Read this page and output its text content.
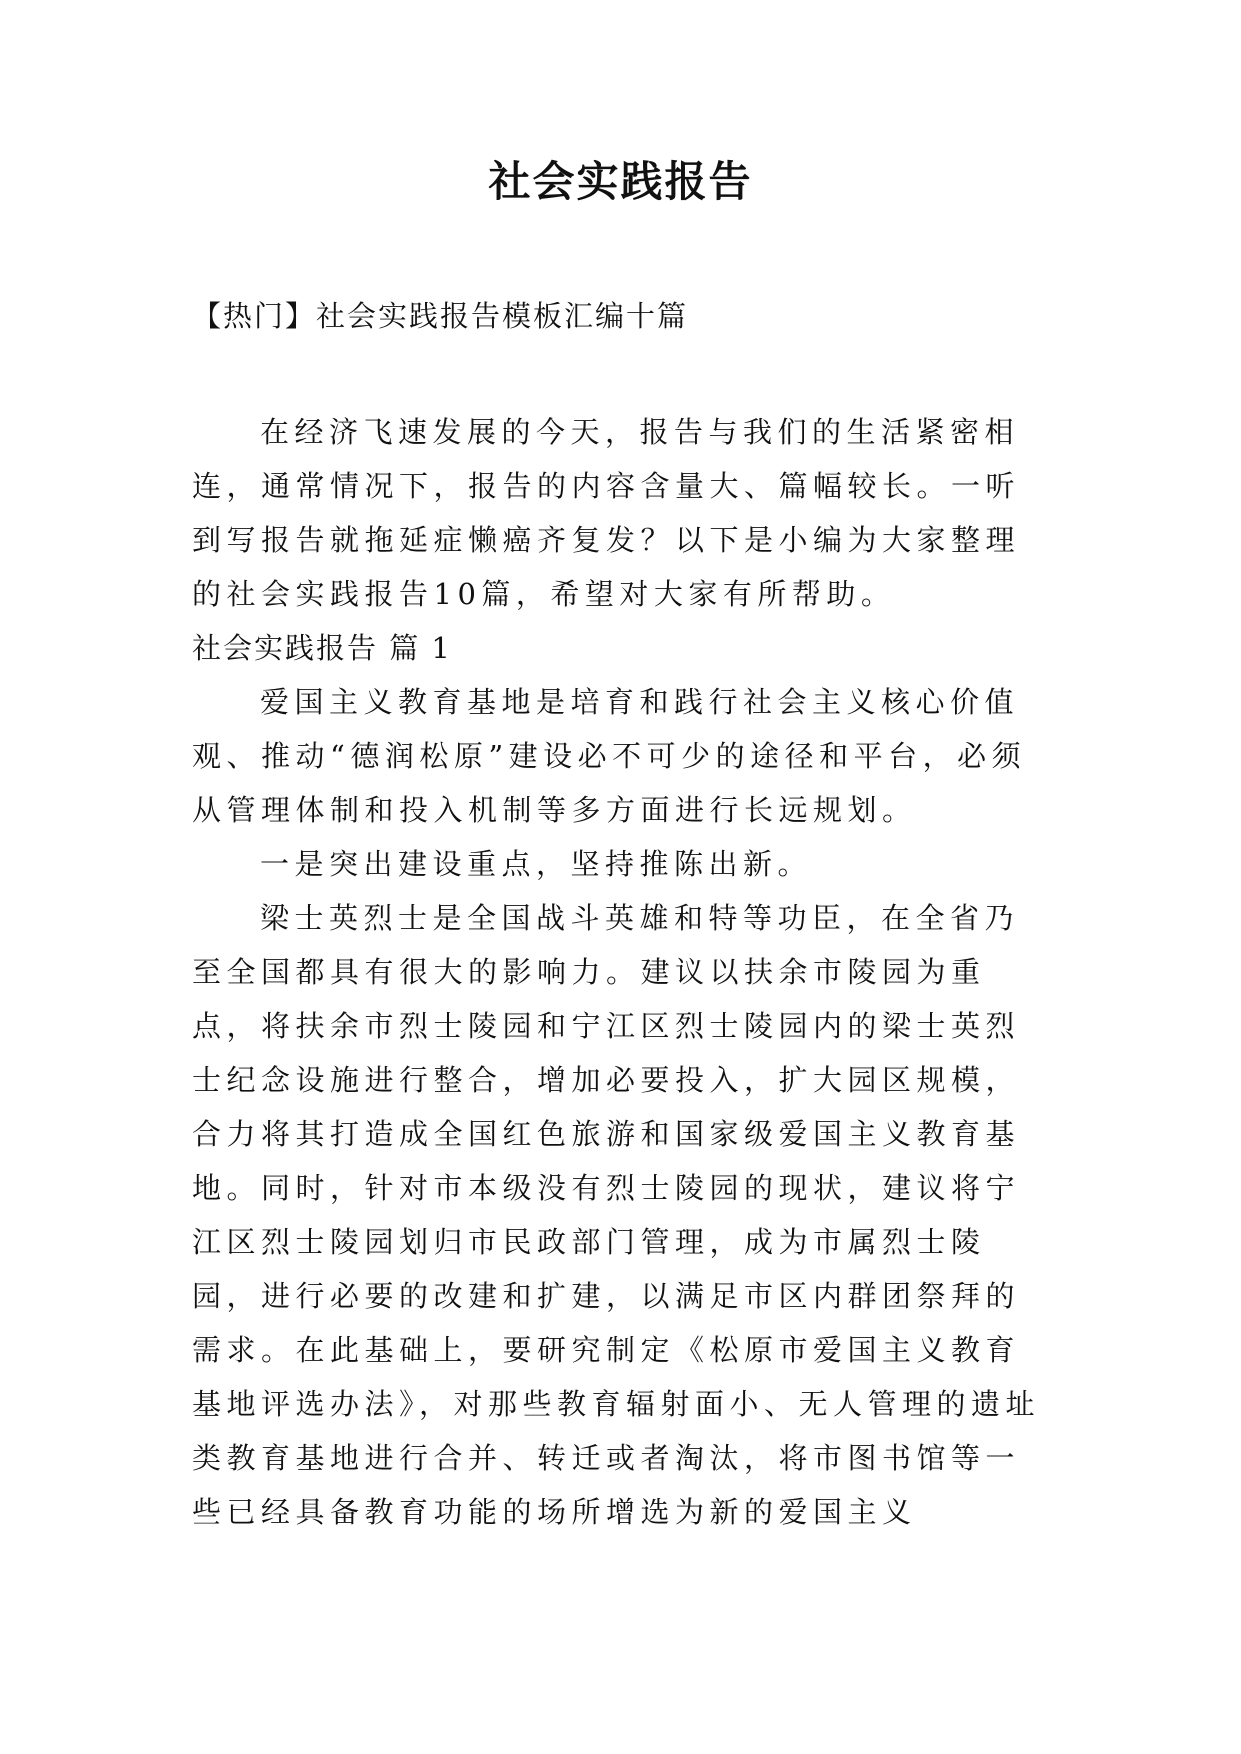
社会实践报告
【热门】社会实践报告模板汇编十篇

在经济飞速发展的今天，报告与我们的生活紧密相连，通常情况下，报告的内容含量大、篇幅较长。一听到写报告就拖延症懒癌齐复发？以下是小编为大家整理的社会实践报告10篇，希望对大家有所帮助。

社会实践报告 篇 1

爱国主义教育基地是培育和践行社会主义核心价值观、推动“德润松原”建设必不可少的途径和平台，必须从管理体制和投入机制等多方面进行长远规划。

一是突出建设重点，坚持推陈出新。

梁士英烈士是全国战斗英雄和特等功臣，在全省乃至全国都具有很大的影响力。建议以扶余市陵园为重点，将扶余市烈士陵园和宁江区烈士陵园内的梁士英烈士纪念设施进行整合，增加必要投入，扩大园区规模，合力将其打造成全国红色旅游和国家级爱国主义教育基地。同时，针对市本级没有烈士陵园的现状，建议将宁江区烈士陵园划归市民政部门管理，成为市属烈士陵园，进行必要的改建和扩建，以满足市区内群团祭拜的需求。在此基础上，要研究制定《松原市爱国主义教育基地评选办法》，对那些教育辐射面小、无人管理的遗址类教育基地进行合并、转迁或者淘汰，将市图书馆等一些已经具备教育功能的场所增选为新的爱国主义
